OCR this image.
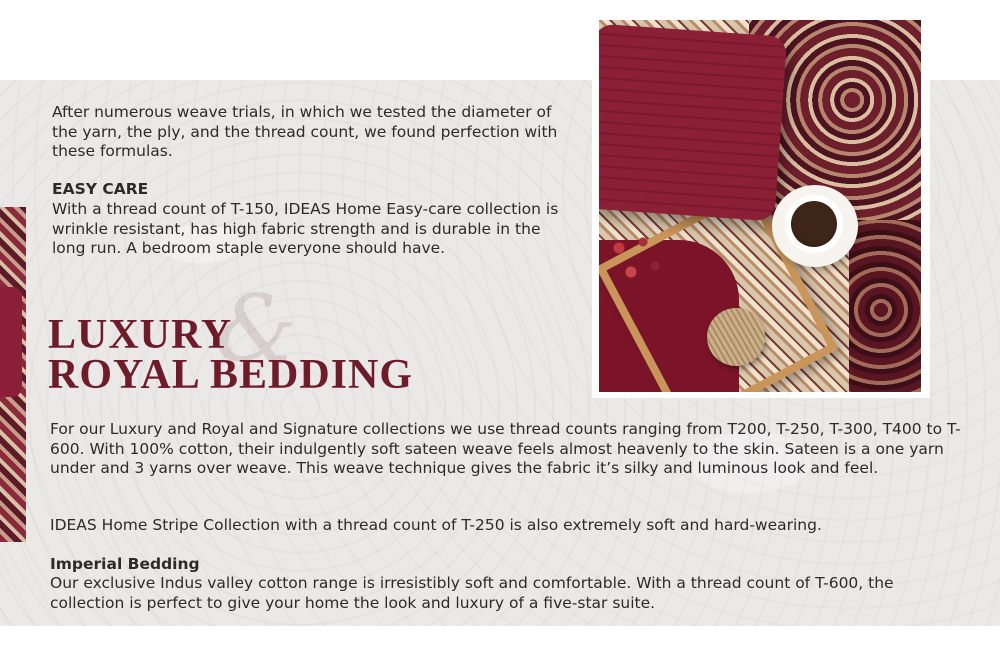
After numerous weave trials, in which we tested the diameter of the yarn, the ply, and the thread count, we found perfection with these formulas.

EASY CARE

With a thread count of T-150, IDEAS Home Easy-care collection is wrinkle resistant, has high fabric strength and is durable in the long run. A bedroom staple everyone should have.

&
LUXURY
ROYAL BEDDING

For our Luxury and Royal and Signature collections we use thread counts ranging from T200, T-250, T-300, T400 to T-600. With 100% cotton, their indulgently soft sateen weave feels almost heavenly to the skin. Sateen is a one yarn under and 3 yarns over weave. This weave technique gives the fabric it’s silky and luminous look and feel.

IDEAS Home Stripe Collection with a thread count of T-250 is also extremely soft and hard-wearing.

Imperial Bedding

Our exclusive Indus valley cotton range is irresistibly soft and comfortable. With a thread count of T-600, the collection is perfect to give your home the look and luxury of a five-star suite.
